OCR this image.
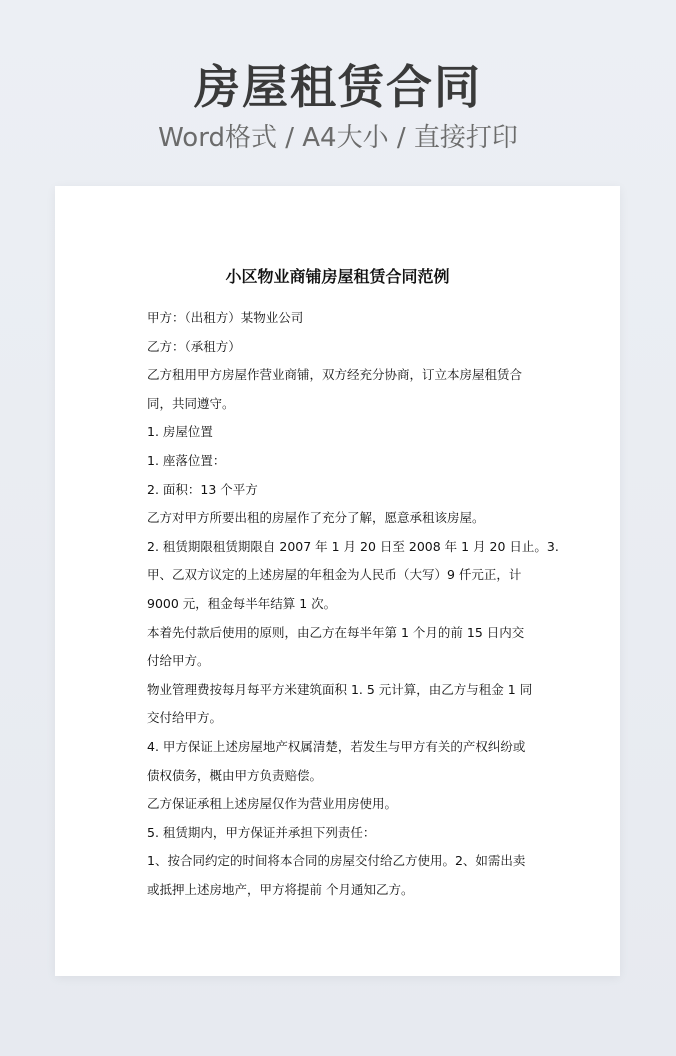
房屋租赁合同
Word格式 / A4大小 / 直接打印
小区物业商铺房屋租赁合同范例
甲方：（出租方）某物业公司
乙方：（承租方）
乙方租用甲方房屋作营业商铺，双方经充分协商，订立本房屋租赁合
同，共同遵守。
1. 房屋位置
1. 座落位置：
2. 面积：13 个平方
乙方对甲方所要出租的房屋作了充分了解，愿意承租该房屋。
2. 租赁期限租赁期限自 2007 年 1 月 20 日至 2008 年 1 月 20 日止。3.
甲、乙双方议定的上述房屋的年租金为人民币（大写）9 仟元正，计
9000 元，租金每半年结算 1 次。
本着先付款后使用的原则，由乙方在每半年第 1 个月的前 15 日内交
付给甲方。
物业管理费按每月每平方米建筑面积 1. 5 元计算，由乙方与租金 1 同
交付给甲方。
4. 甲方保证上述房屋地产权属清楚，若发生与甲方有关的产权纠纷或
债权债务，概由甲方负责赔偿。
乙方保证承租上述房屋仅作为营业用房使用。
5. 租赁期内，甲方保证并承担下列责任：
1、按合同约定的时间将本合同的房屋交付给乙方使用。2、如需出卖
或抵押上述房地产，甲方将提前 个月通知乙方。
